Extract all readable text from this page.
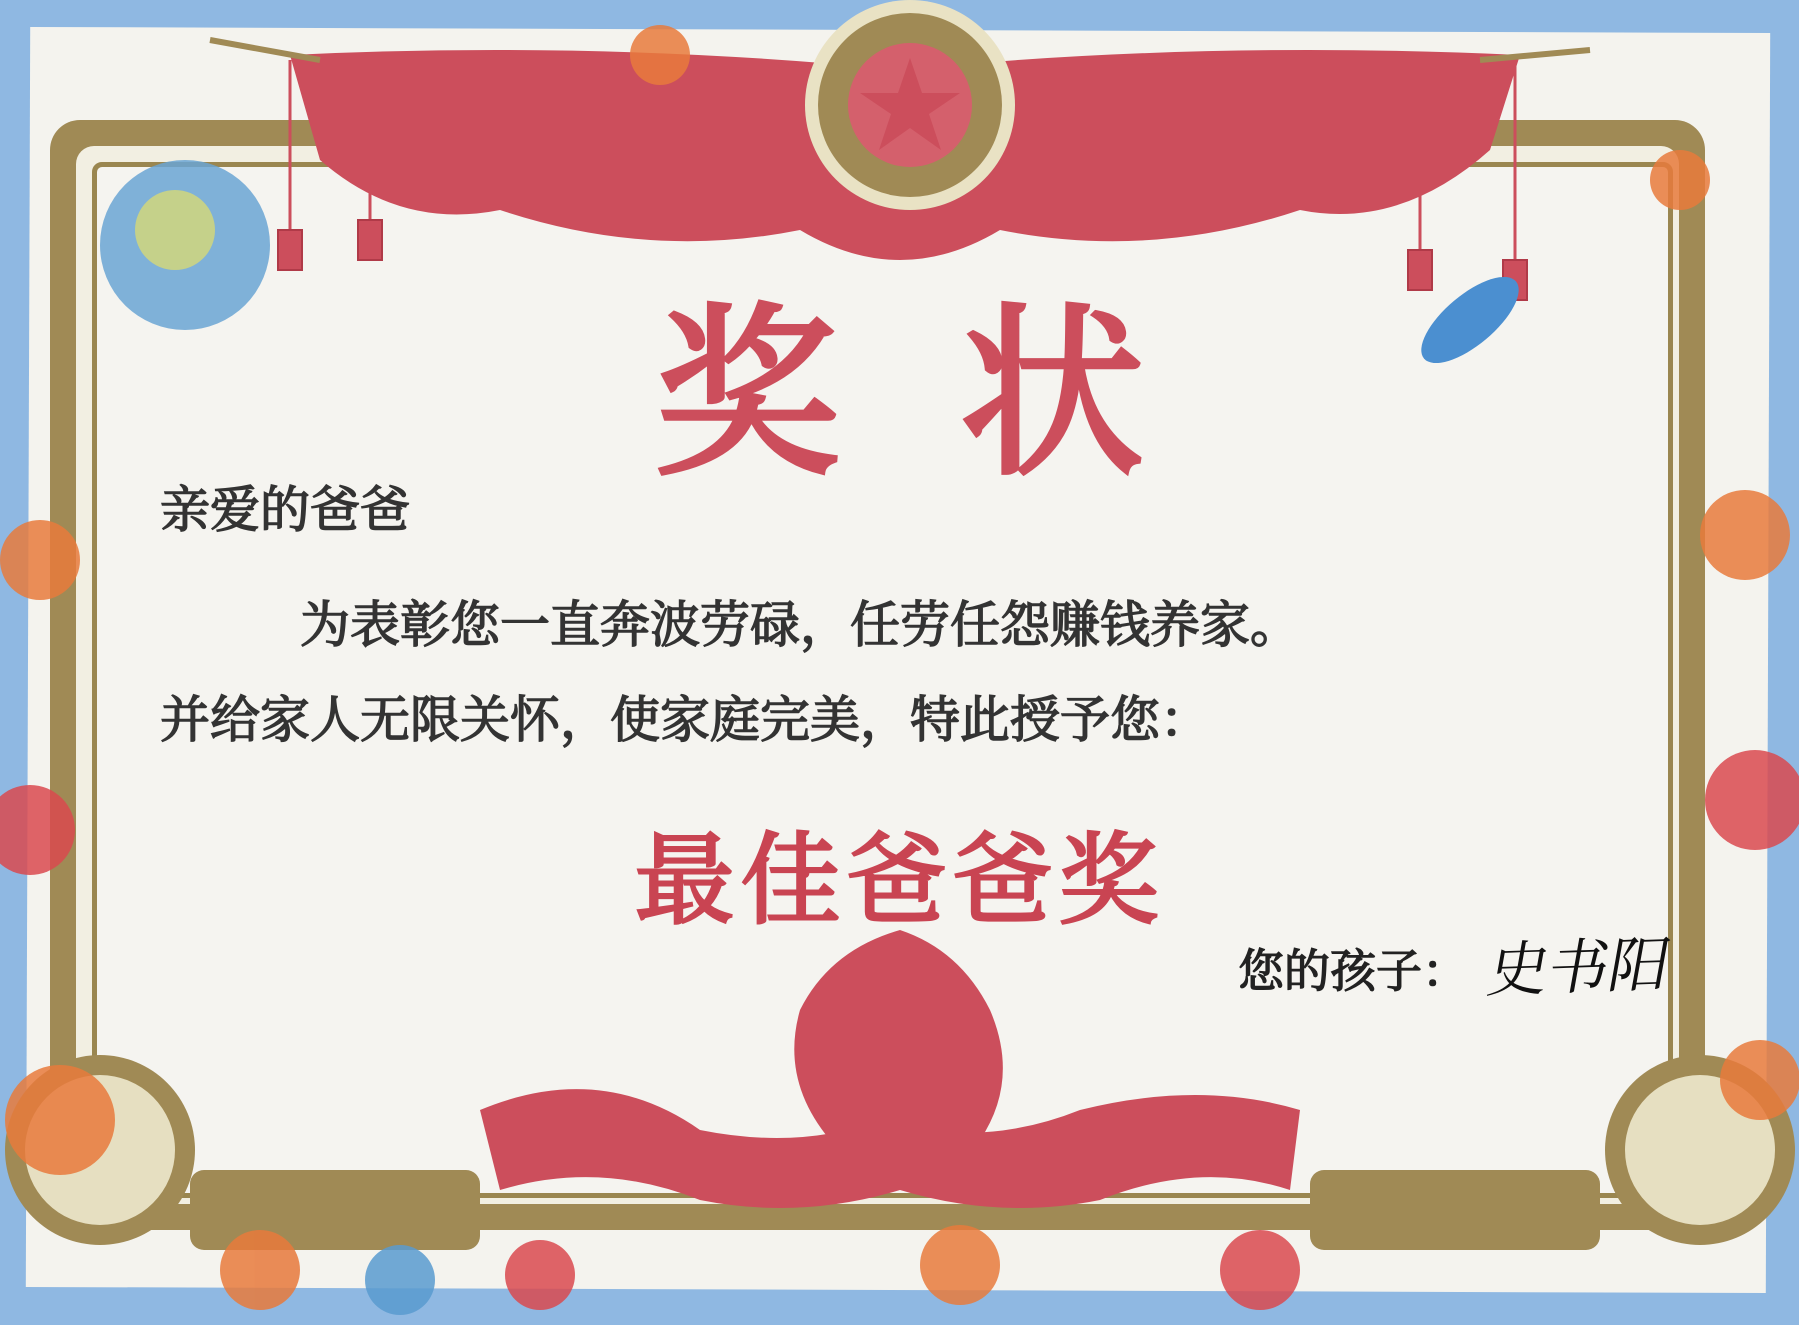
奖状
亲爱的爸爸
为表彰您一直奔波劳碌，任劳任怨赚钱养家。
并给家人无限关怀，使家庭完美，特此授予您：
最佳爸爸奖
您的孩子： 史书阳
